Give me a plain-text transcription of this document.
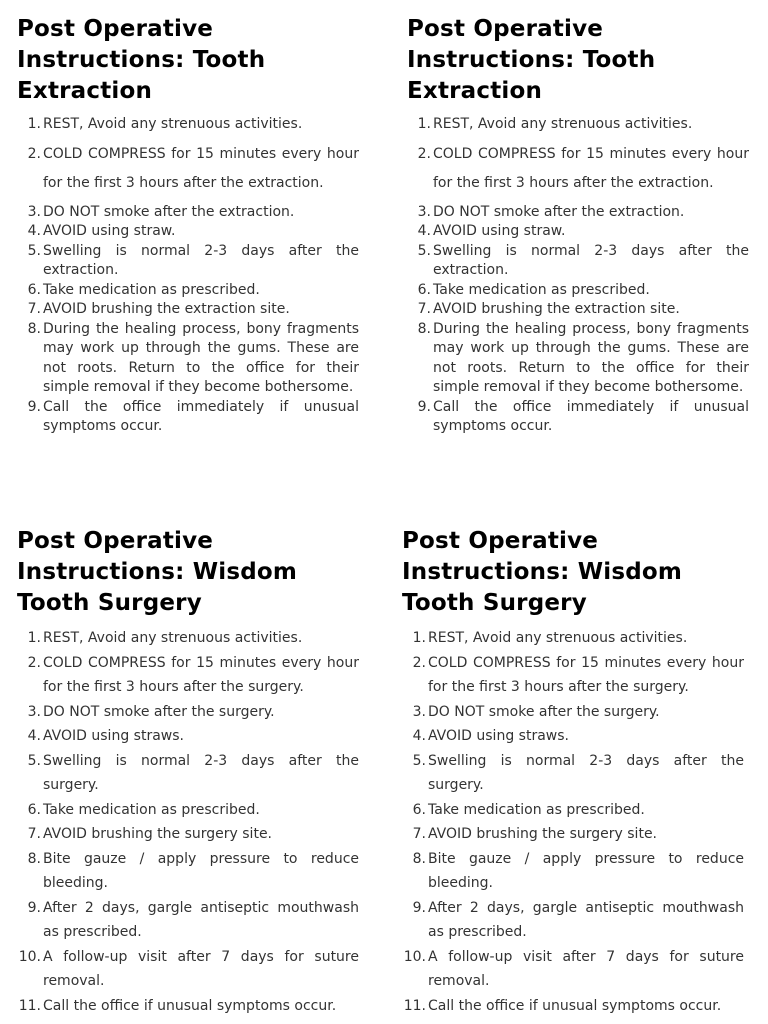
Post Operative Instructions: Tooth Extraction
1. REST, Avoid any strenuous activities.
2. COLD COMPRESS for 15 minutes every hour for the first 3 hours after the extraction.
3. DO NOT smoke after the extraction.
4. AVOID using straw.
5. Swelling is normal 2-3 days after the extraction.
6. Take medication as prescribed.
7. AVOID brushing the extraction site.
8. During the healing process, bony fragments may work up through the gums. These are not roots. Return to the office for their simple removal if they become bothersome.
9. Call the office immediately if unusual symptoms occur.
Post Operative Instructions: Tooth Extraction
1. REST, Avoid any strenuous activities.
2. COLD COMPRESS for 15 minutes every hour for the first 3 hours after the extraction.
3. DO NOT smoke after the extraction.
4. AVOID using straw.
5. Swelling is normal 2-3 days after the extraction.
6. Take medication as prescribed.
7. AVOID brushing the extraction site.
8. During the healing process, bony fragments may work up through the gums. These are not roots. Return to the office for their simple removal if they become bothersome.
9. Call the office immediately if unusual symptoms occur.
Post Operative Instructions: Wisdom Tooth Surgery
1. REST, Avoid any strenuous activities.
2. COLD COMPRESS for 15 minutes every hour for the first 3 hours after the surgery.
3. DO NOT smoke after the surgery.
4. AVOID using straws.
5. Swelling is normal 2-3 days after the surgery.
6. Take medication as prescribed.
7. AVOID brushing the surgery site.
8. Bite gauze / apply pressure to reduce bleeding.
9. After 2 days, gargle antiseptic mouthwash as prescribed.
10. A follow-up visit after 7 days for suture removal.
11. Call the office if unusual symptoms occur.
Post Operative Instructions: Wisdom Tooth Surgery
1. REST, Avoid any strenuous activities.
2. COLD COMPRESS for 15 minutes every hour for the first 3 hours after the surgery.
3. DO NOT smoke after the surgery.
4. AVOID using straws.
5. Swelling is normal 2-3 days after the surgery.
6. Take medication as prescribed.
7. AVOID brushing the surgery site.
8. Bite gauze / apply pressure to reduce bleeding.
9. After 2 days, gargle antiseptic mouthwash as prescribed.
10. A follow-up visit after 7 days for suture removal.
11. Call the office if unusual symptoms occur.
